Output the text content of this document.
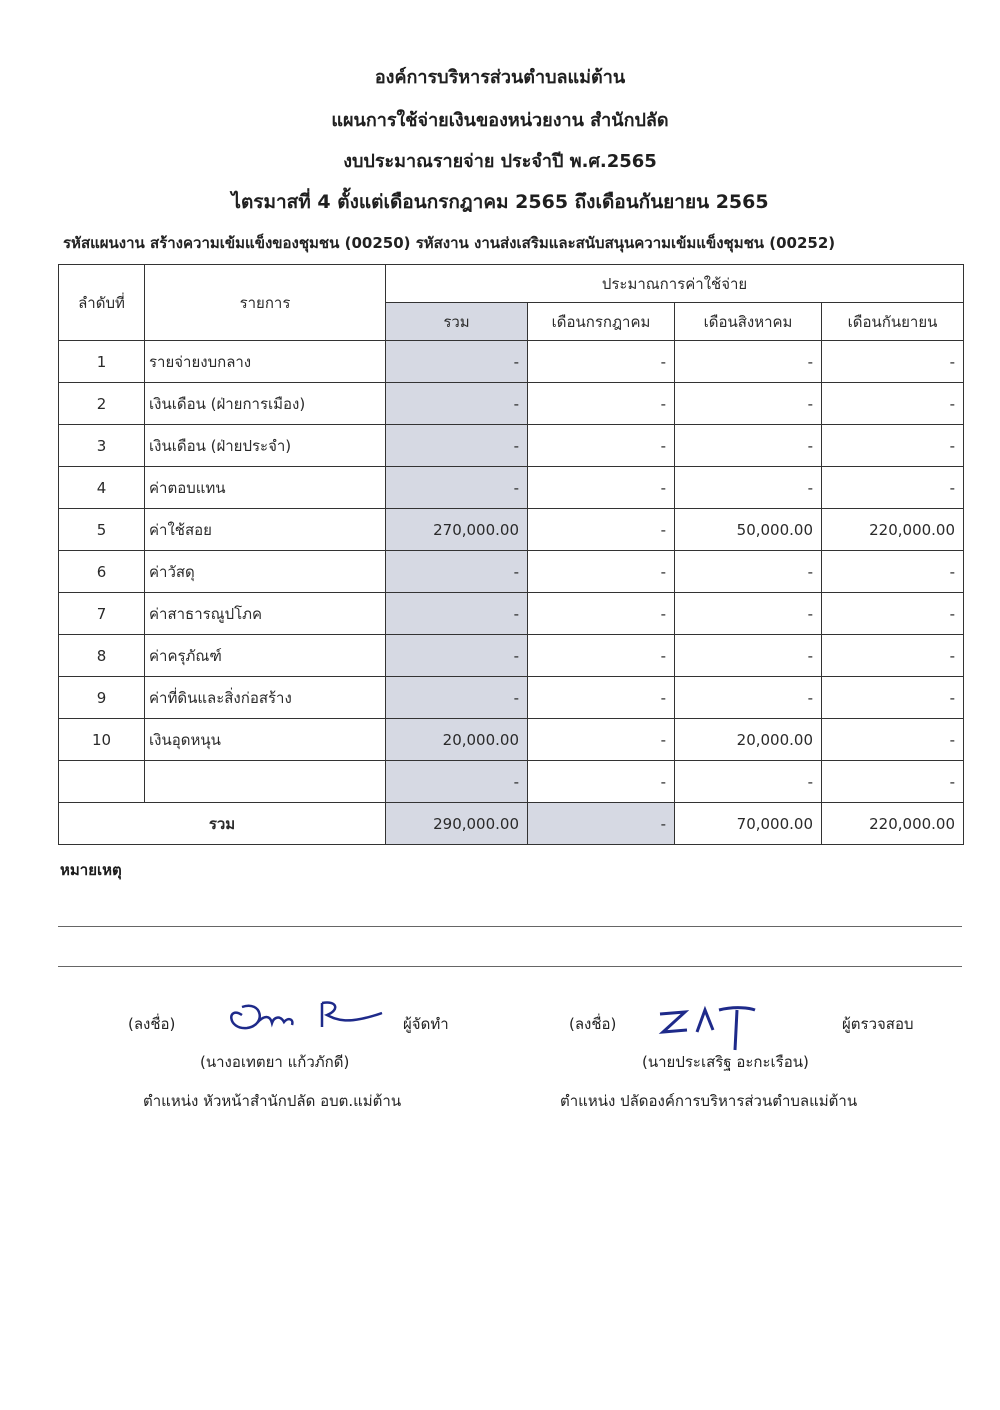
องค์การบริหารส่วนตำบลแม่ต้าน
แผนการใช้จ่ายเงินของหน่วยงาน สำนักปลัด
งบประมาณรายจ่าย ประจำปี พ.ศ.2565
ไตรมาสที่ 4 ตั้งแต่เดือนกรกฎาคม 2565 ถึงเดือนกันยายน 2565
รหัสแผนงาน สร้างความเข้มแข็งของชุมชน (00250) รหัสงาน งานส่งเสริมและสนับสนุนความเข้มแข็งชุมชน (00252)
ลำดับที่	รายการ	ประมาณการค่าใช้จ่าย			
		รวม	เดือนกรกฎาคม	เดือนสิงหาคม	เดือนกันยายน
1	รายจ่ายงบกลาง	-	-	-	-
2	เงินเดือน (ฝ่ายการเมือง)	-	-	-	-
3	เงินเดือน (ฝ่ายประจำ)	-	-	-	-
4	ค่าตอบแทน	-	-	-	-
5	ค่าใช้สอย	270,000.00	-	50,000.00	220,000.00
6	ค่าวัสดุ	-	-	-	-
7	ค่าสาธารณูปโภค	-	-	-	-
8	ค่าครุภัณฑ์	-	-	-	-
9	ค่าที่ดินและสิ่งก่อสร้าง	-	-	-	-
10	เงินอุดหนุน	20,000.00	-	20,000.00	-
		-	-	-	-
รวม		290,000.00	-	70,000.00	220,000.00
หมายเหตุ
(ลงชื่อ)	ผู้จัดทำ
(นางอเทตยา แก้วภักดี)
ตำแหน่ง หัวหน้าสำนักปลัด อบต.แม่ต้าน
(ลงชื่อ)	ผู้ตรวจสอบ
(นายประเสริฐ อะกะเรือน)
ตำแหน่ง ปลัดองค์การบริหารส่วนตำบลแม่ต้าน
